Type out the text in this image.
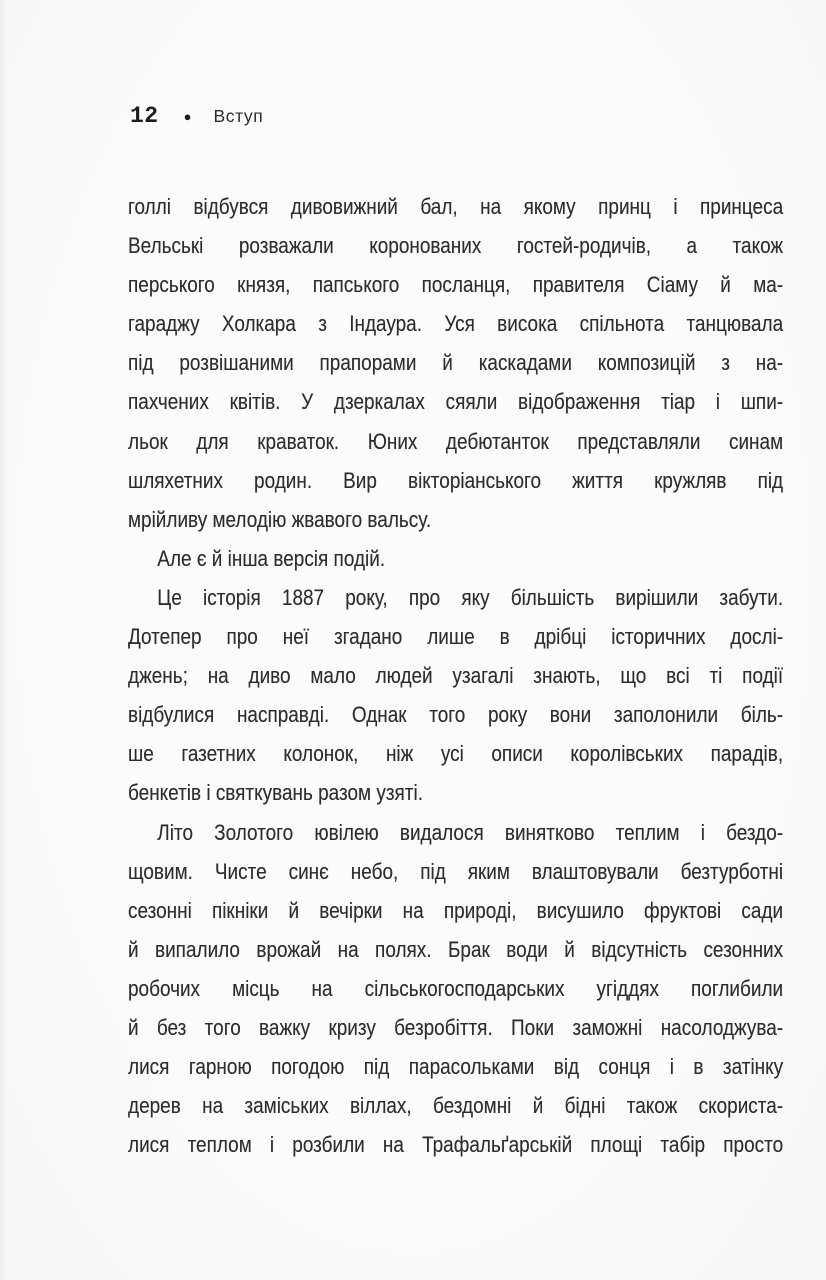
12 ● Вступ
голлі відбувся дивовижний бал, на якому принц і принцеса
Вельські розважали коронованих гостей-родичів, а також
перського князя, папського посланця, правителя Сіаму й ма-
гараджу Холкара з Індаура. Уся висока спільнота танцювала
під розвішаними прапорами й каскадами композицій з на-
пахчених квітів. У дзеркалах сяяли відображення тіар і шпи-
льок для краваток. Юних дебютанток представляли синам
шляхетних родин. Вир вікторіанського життя кружляв під
мрійливу мелодію жвавого вальсу.
Але є й інша версія подій.
Це історія 1887 року, про яку більшість вирішили забути.
Дотепер про неї згадано лише в дрібці історичних дослі-
джень; на диво мало людей узагалі знають, що всі ті події
відбулися насправді. Однак того року вони заполонили біль-
ше газетних колонок, ніж усі описи королівських парадів,
бенкетів і святкувань разом узяті.
Літо Золотого ювілею видалося винятково теплим і бездо-
щовим. Чисте синє небо, під яким влаштовували безтурботні
сезонні пікніки й вечірки на природі, висушило фруктові сади
й випалило врожай на полях. Брак води й відсутність сезонних
робочих місць на сільськогосподарських угіддях поглибили
й без того важку кризу безробіття. Поки заможні насолоджува-
лися гарною погодою під парасольками від сонця і в затінку
дерев на заміських віллах, бездомні й бідні також скориста-
лися теплом і розбили на Трафальґарській площі табір просто
